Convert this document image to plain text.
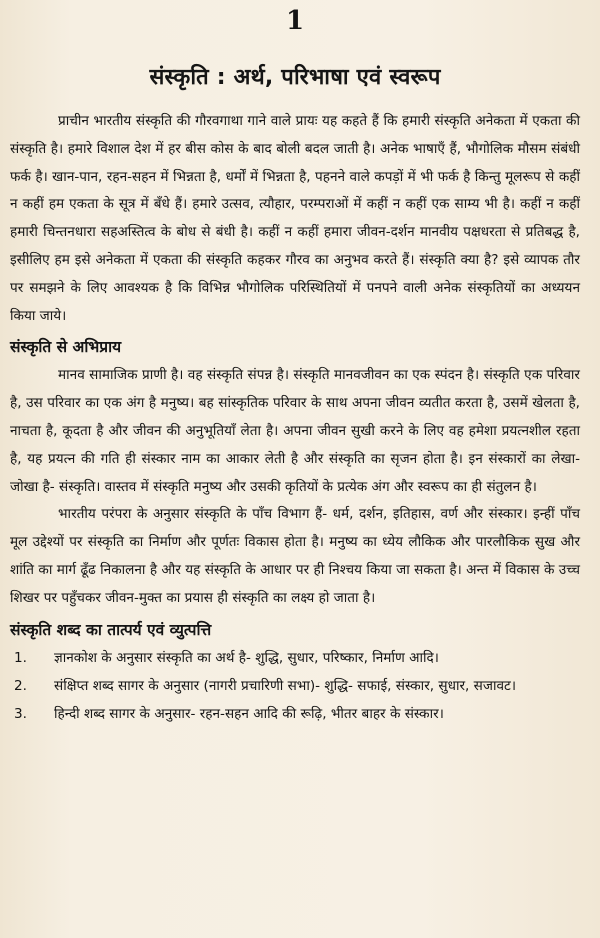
1
संस्कृति : अर्थ, परिभाषा एवं स्वरूप

प्राचीन भारतीय संस्कृति की गौरवगाथा गाने वाले प्रायः यह कहते हैं कि हमारी संस्कृति अनेकता में एकता की संस्कृति है। हमारे विशाल देश में हर बीस कोस के बाद बोली बदल जाती है। अनेक भाषाएँ हैं, भौगोलिक मौसम संबंधी फर्क है। खान-पान, रहन-सहन में भिन्नता है, धर्मों में भिन्नता है, पहनने वाले कपड़ों में भी फर्क है किन्तु मूलरूप से कहीं न कहीं हम एकता के सूत्र में बँधे हैं। हमारे उत्सव, त्यौहार, परम्पराओं में कहीं न कहीं एक साम्य भी है। कहीं न कहीं हमारी चिन्तनधारा सहअस्तित्व के बोध से बंधी है। कहीं न कहीं हमारा जीवन-दर्शन मानवीय पक्षधरता से प्रतिबद्ध है, इसीलिए हम इसे अनेकता में एकता की संस्कृति कहकर गौरव का अनुभव करते हैं। संस्कृति क्या है? इसे व्यापक तौर पर समझने के लिए आवश्यक है कि विभिन्न भौगोलिक परिस्थितियों में पनपने वाली अनेक संस्कृतियों का अध्ययन किया जाये।

संस्कृति से अभिप्राय

मानव सामाजिक प्राणी है। वह संस्कृति संपन्न है। संस्कृति मानवजीवन का एक स्पंदन है। संस्कृति एक परिवार है, उस परिवार का एक अंग है मनुष्य। बह सांस्कृतिक परिवार के साथ अपना जीवन व्यतीत करता है, उसमें खेलता है, नाचता है, कूदता है और जीवन की अनुभूतियाँ लेता है। अपना जीवन सुखी करने के लिए वह हमेशा प्रयत्नशील रहता है, यह प्रयत्न की गति ही संस्कार नाम का आकार लेती है और संस्कृति का सृजन होता है। इन संस्कारों का लेखा-जोखा है- संस्कृति। वास्तव में संस्कृति मनुष्य और उसकी कृतियों के प्रत्येक अंग और स्वरूप का ही संतुलन है।

भारतीय परंपरा के अनुसार संस्कृति के पाँच विभाग हैं- धर्म, दर्शन, इतिहास, वर्ण और संस्कार। इन्हीं पाँच मूल उद्देश्यों पर संस्कृति का निर्माण और पूर्णतः विकास होता है। मनुष्य का ध्येय लौकिक और पारलौकिक सुख और शांति का मार्ग ढूँढ निकालना है और यह संस्कृति के आधार पर ही निश्चय किया जा सकता है। अन्त में विकास के उच्च शिखर पर पहुँचकर जीवन-मुक्त का प्रयास ही संस्कृति का लक्ष्य हो जाता है।

संस्कृति शब्द का तात्पर्य एवं व्युत्पत्ति
1.	ज्ञानकोश के अनुसार संस्कृति का अर्थ है- शुद्धि, सुधार, परिष्कार, निर्माण आदि।
2.	संक्षिप्त शब्द सागर के अनुसार (नागरी प्रचारिणी सभा)- शुद्धि- सफाई, संस्कार, सुधार, सजावट।
3.	हिन्दी शब्द सागर के अनुसार- रहन-सहन आदि की रूढ़ि, भीतर बाहर के संस्कार।
